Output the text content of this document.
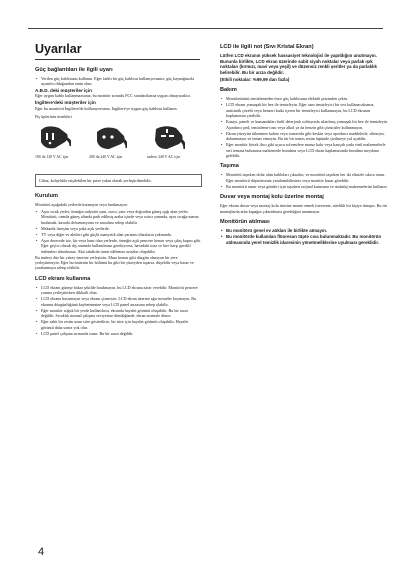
Uyarılar
Güç bağlantıları ile ilgili uyarı
• Verilen güç kablosunu kullanın. Eğer farklı bir güç kablosu kullanıyorsanız, güç kaynağınızla uyumlu olduğundan emin olun.

A.B.D. deki müşteriler için

Eğer uygun kablo kullanmazsanız, bu monitör zorunlu FCC standartlarına uygun olmayacaktır.

İngiltere'deki müşteriler için

Eğer bu monitörü İngiltere'de kullanıyorsanız, İngiltere'ye uygun güç kablosu kullanın.

Fiş tiplerinin örnekleri

100 ila 120 V AC için	200 ila 240 V AC için	sadece 240 V AC için
Cihaz, kolaylıkla erişilebilen bir prize yakın olarak yerleştirilmelidir.
Kurulum

Monitörü aşağıdaki yerlerde kurmayın veya bırakmayın:

• Aşırı sıcak yerler, örneğin radyatör yanı, ısıtıcı yanı veya doğrudan güneş ışığı alan yerler. Monitörü, camda güneş altında park edilmiş araba içinde veya ısıtıcı yanında, aşırı sıcağa maruz bırakmak, kasada deformasyona ve arızalara sebep olabilir.
• Mekanik titreşim veya şoka açık yerlerde.
• TV veya diğer ev aletleri gibi güçlü manyetik alan yaratan cihazların yakınında.
• Aşırı derecede toz, kir veya kum olan yerlerde, örneğin açık pencere kenarı veya çıkış kapısı gibi. Eğer geçici olarak dış ortamda kullanılması gerekiyorsa, havadaki toza ve kire karşı gerekli önlemleri almalısınız. Aksi takdirde tamir edilemez arızalar oluşabilir.

Bu üniteyi düz bir yüzey üzerine yerleştirin. Masa kenarı gibi düzgün olmayan bir yere yerleştirmeyin. Eğer bu ünitenin bir bölümü bu gibi bir yüzeyden taşarsa, düşebilir veya hasar ve yaralanmaya sebep olabilir.

LCD ekranı kullanma
• LCD ekranı güneşe bakar şekilde bırakmayın, bu LCD ekrana zarar verebilir. Monitörü pencere yanına yerleştirirken dikkatli olun.
• LCD ekrana basırmayın veya ekranı çizmeyin. LCD ekran üzerine ağır nesneler koymayın. Bu ekranın düzgünlüğünü kaybetmesine veya LCD panel arızasına sebep olabilir.
• Eğer monitör soğuk bir yerde kullanılırsa, ekranda hayalet görüntü oluşabilir. Bu bir arıza değildir. Sıcaklık normal çalışma seviyesine döndüğünde, ekran normale döner.
• Eğer sabit bir resim uzun süre gösterilirse, bir süre için hayalet görüntü oluşabilir. Hayalet görüntü daha sonra yok olur.
• LCD panel çalışma sırasında ısınır. Bu bir arıza değildir.
LCD ile ilgili not (Sıvı Kristal Ekran)

Lütfen LCD ekranın yüksek hassasiyet teknolojisi ile yapıldığını unutmayın. Bununla birlikte, LCD ekran üzerinde sabit siyah noktalar veya parlak ışık noktaları (kırmızı, mavi veya yeşil) ve düzensiz renkli şeritler ya da parlaklık belirebilir. Bu bir arıza değildir.

(Etkili noktalar: %99,99 dan fazla)

Bakım
• Monitörünüzü temizlemeden önce güç kablosunu elektrik prizinden çekin.
• LCD ekranı yumuşak bir bez ile temizleyin. Eğer cam temizleyici bir sıvı kullanacaksanız, antistatik çözelti veya benzeri katkı içeren bir temizleyici kullanmayın, bu LCD ekranın kaplamasını çizebilir.
• Kasayı, paneli ve kumandaları hafif deterjanlı solüsyonla ıslatılmış yumuşak bir bez ile temizleyin. Aşındırıcı ped, temizleme tozu veya alkol ya da benzin gibi çözücüler kullanmayın.
• Ekran yüzeyini tükenmez kalem veya tornavida gibi keskin veya aşındırıcı maddelerle, silmeyin, dokunmayın ve temas etmeyin. Bu tür bir temas resim tüpünde çizilmeye yol açabilir.
• Eğer monitör böcek ilacı gibi uçucu solventlere maruz kalır veya kauçuk yada vinil malzemelerle sert temasa bulunursa malzemede bozulma veya LCD ekran kaplamasında bozulma meydana gelebilir.
Taşıma
• Monitörü taşırken dolar alım kabloları çıkarılın, ve monitörü taşırken her iki elinizle sıkıca tutun. Eğer monitörü düşürürseniz yaralanabilirsiniz veya monitör hasar görebilir.
• Bu monitörü tamir veya gönderi için taşırken orijinal kutusunu ve ambalaj malzemelerini kullanın.
Duvar veya montaj kolu üzerine montaj

Eğer ekranı duvar veya montaj kolu üzerine monte etmek isterseniz, nitelikli bir kişiye danışın. Bu tür montajlarda arka kapağın çıkartılması gerektiğini unutmayın.

Monitörün atılması
• Bu monitörü genel ev atıkları ile birlikte atmayın.
• Bu monitörde kullanılan flüoresan tüpte cıva bulunmaktadır. Bu monitörün atılmasında yerel temizlik idaresinin yönetmeliklerine uyulması gereklidir.
4
